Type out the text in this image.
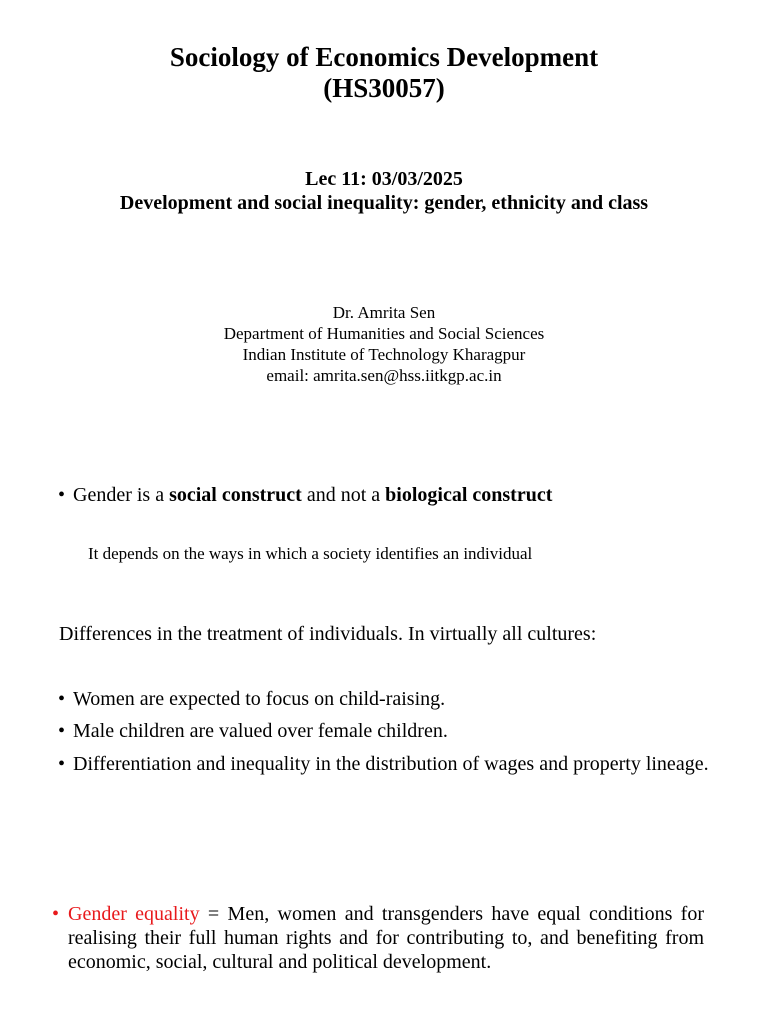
Sociology of Economics Development
(HS30057)
Lec 11: 03/03/2025
Development and social inequality: gender, ethnicity and class
Dr. Amrita Sen
Department of Humanities and Social Sciences
Indian Institute of Technology Kharagpur
email: amrita.sen@hss.iitkgp.ac.in
• Gender is a social construct and not a biological construct
It depends on the ways in which a society identifies an individual
Differences in the treatment of individuals. In virtually all cultures:
• Women are expected to focus on child-raising.
• Male children are valued over female children.
• Differentiation and inequality in the distribution of wages and property lineage.
• Gender equality = Men, women and transgenders have equal conditions for realising their full human rights and for contributing to, and benefiting from economic, social, cultural and political development.
